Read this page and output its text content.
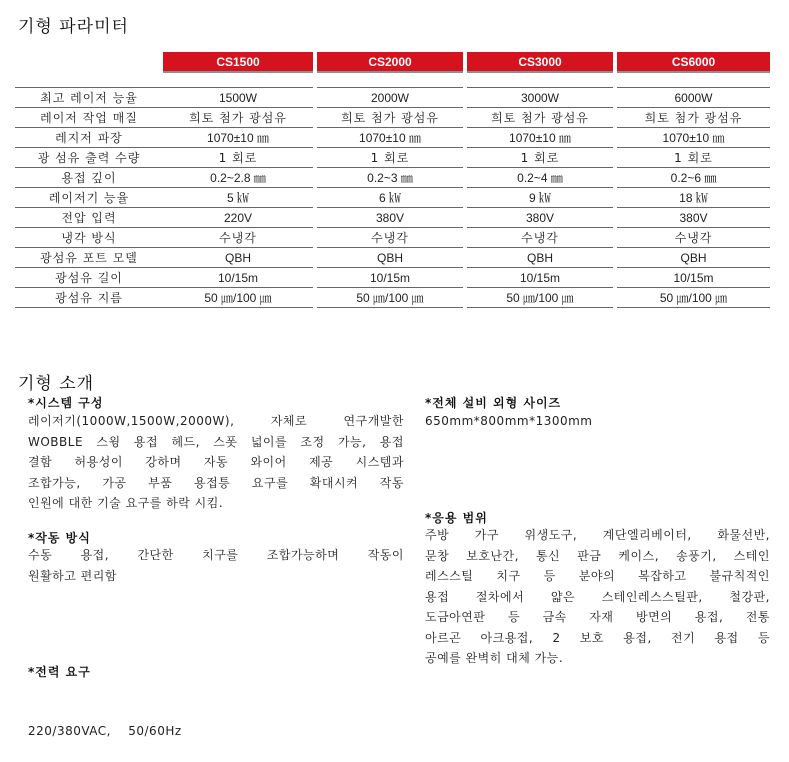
기형 파라미터
	CS1500		CS2000		CS3000		CS6000

최고 레이저 능율	1500W		2000W		3000W		6000W
레이저 작업 매질	희토 첨가 광섬유		희토 첨가 광섬유		희토 첨가 광섬유		희토 첨가 광섬유
레지저 파장	1070±10 ㎚		1070±10 ㎚		1070±10 ㎚		1070±10 ㎚
광 섬유 출력 수량	1 회로		1 회로		1 회로		1 회로
용접 깊이	0.2~2.8 ㎜		0.2~3 ㎜		0.2~4 ㎜		0.2~6 ㎜
레이저기 능율	5 ㎾		6 ㎾		9 ㎾		18 ㎾
전압 입력	220V		380V		380V		380V
냉각 방식	수냉각		수냉각		수냉각		수냉각
광섬유 포트 모델	QBH		QBH		QBH		QBH
광섬유 길이	10/15m		10/15m		10/15m		10/15m
광섬유 지름	50 ㎛/100 ㎛		50 ㎛/100 ㎛		50 ㎛/100 ㎛		50 ㎛/100 ㎛
기형 소개
*시스템 구성
레이저기(1000W,1500W,2000W), 자체로 연구개발한
WOBBLE 스윙 용접 헤드, 스폿 넓이를 조정 가능, 용접
결함 허용성이 강하며 자동 와이어 제공 시스템과
조합가능, 가공 부품 용접틍 요구를 확대시켜 작동
인원에 대한 기술 요구를 하락 시킴.
*작동 방식
수동 용접, 간단한 치구를 조합가능하며 작동이
원활하고 편리함
*전력 요구

220/380VAC,    50/60Hz

*전체 설비 외형 사이즈
650mm*800mm*1300mm
*응용 범위
주방 가구 위생도구, 계단엘리베이터, 화물선반,
문창 보호난간, 통신 판금 케이스, 송풍기, 스테인
레스스틸 치구 등 분야의 복잡하고 불규칙적인
용접 절차에서 얇은 스테인레스스틸판, 철강판,
도금아연판 등 금속 자재 방면의 용접, 전통
아르곤 아크용접, 2 보호 용접, 전기 용접 등
공예를 완벽히 대체 가능.
